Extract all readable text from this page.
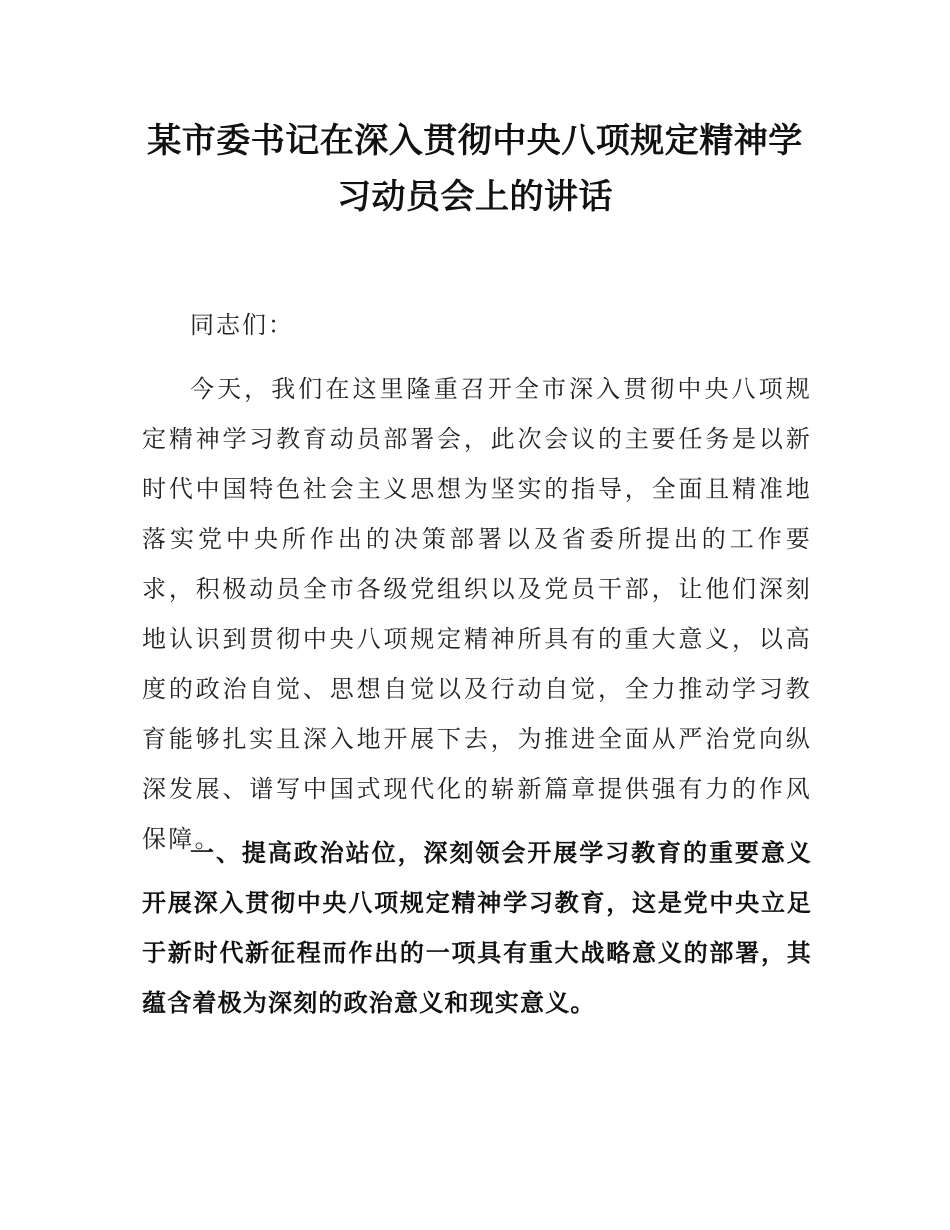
某市委书记在深入贯彻中央八项规定精神学
习动员会上的讲话

同志们：

今天，我们在这里隆重召开全市深入贯彻中央八项规定精神学习教育动员部署会，此次会议的主要任务是以新时代中国特色社会主义思想为坚实的指导，全面且精准地落实党中央所作出的决策部署以及省委所提出的工作要求，积极动员全市各级党组织以及党员干部，让他们深刻地认识到贯彻中央八项规定精神所具有的重大意义，以高度的政治自觉、思想自觉以及行动自觉，全力推动学习教育能够扎实且深入地开展下去，为推进全面从严治党向纵深发展、谱写中国式现代化的崭新篇章提供强有力的作风保障。

一、提高政治站位，深刻领会开展学习教育的重要意义开展深入贯彻中央八项规定精神学习教育，这是党中央立足于新时代新征程而作出的一项具有重大战略意义的部署，其蕴含着极为深刻的政治意义和现实意义。
